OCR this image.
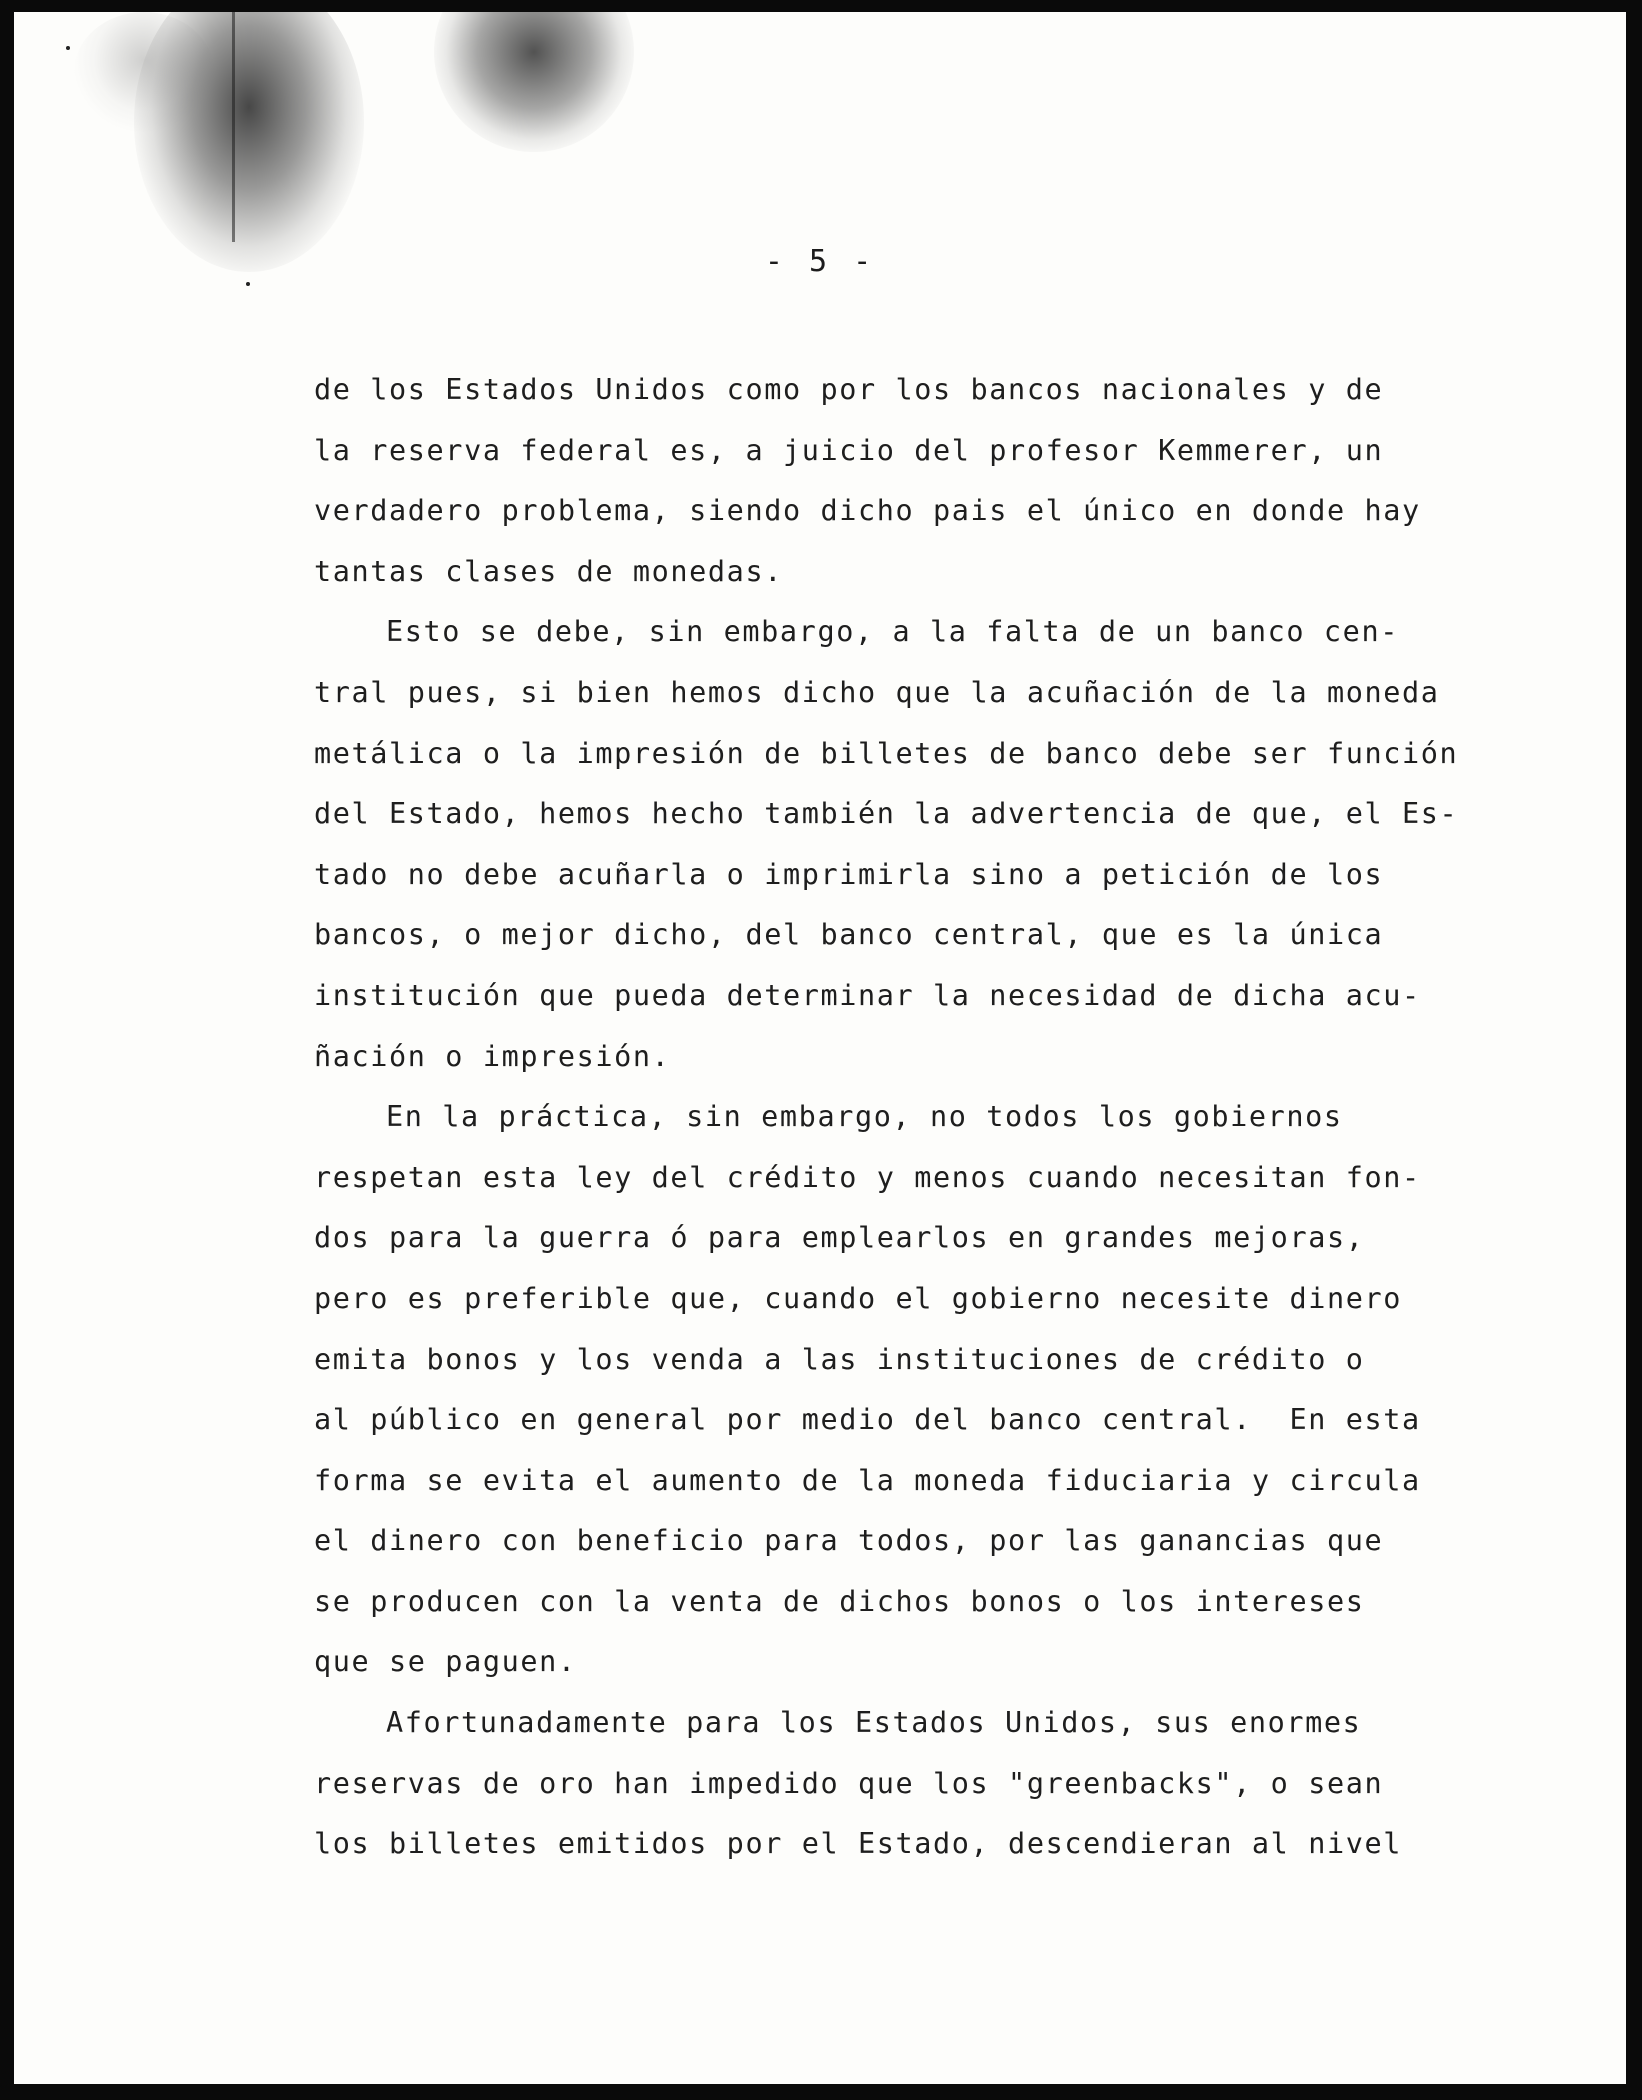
- 5 -
de los Estados Unidos como por los bancos nacionales y de
la reserva federal es, a juicio del profesor Kemmerer, un
verdadero problema, siendo dicho pais el único en donde hay
tantas clases de monedas.
Esto se debe, sin embargo, a la falta de un banco cen-
tral pues, si bien hemos dicho que la acuñación de la moneda
metálica o la impresión de billetes de banco debe ser función
del Estado, hemos hecho también la advertencia de que, el Es-
tado no debe acuñarla o imprimirla sino a petición de los
bancos, o mejor dicho, del banco central, que es la única
institución que pueda determinar la necesidad de dicha acu-
ñación o impresión.
En la práctica, sin embargo, no todos los gobiernos
respetan esta ley del crédito y menos cuando necesitan fon-
dos para la guerra ó para emplearlos en grandes mejoras,
pero es preferible que, cuando el gobierno necesite dinero
emita bonos y los venda a las instituciones de crédito o
al público en general por medio del banco central.  En esta
forma se evita el aumento de la moneda fiduciaria y circula
el dinero con beneficio para todos, por las ganancias que
se producen con la venta de dichos bonos o los intereses
que se paguen.
Afortunadamente para los Estados Unidos, sus enormes
reservas de oro han impedido que los "greenbacks", o sean
los billetes emitidos por el Estado, descendieran al nivel
